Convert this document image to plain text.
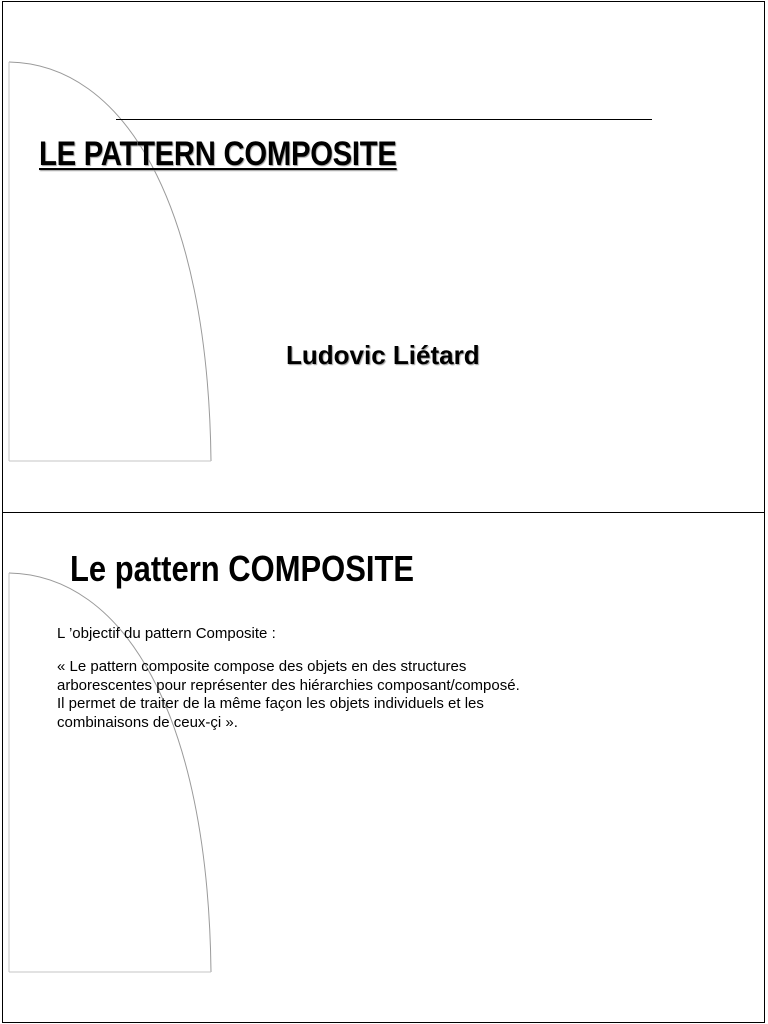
LE PATTERN COMPOSITE
Ludovic Liétard
Le pattern COMPOSITE

L ’objectif du pattern Composite :

« Le pattern composite compose des objets en des structures
arborescentes pour représenter des hiérarchies composant/composé.
Il permet de traiter de la même façon les objets individuels et les
combinaisons de ceux-çi ».
